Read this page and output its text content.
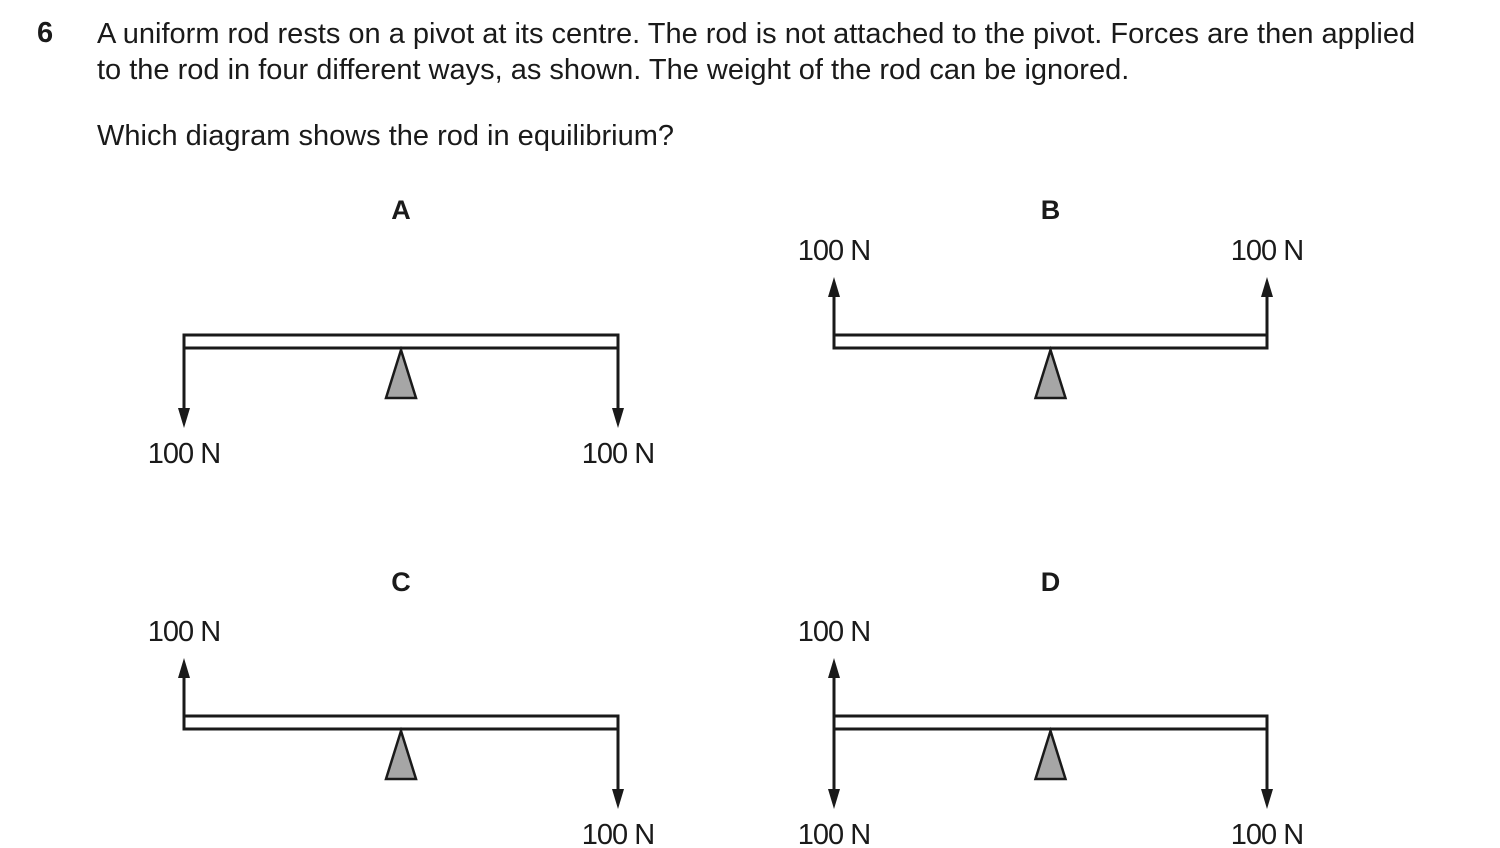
6 A uniform rod rests on a pivot at its centre. The rod is not attached to the pivot. Forces are then applied to the rod in four different ways, as shown. The weight of the rod can be ignored.

Which diagram shows the rod in equilibrium?

A
100 N	100 N
B
100 N	100 N
C
100 N
100 N
D
100 N
100 N	100 N
